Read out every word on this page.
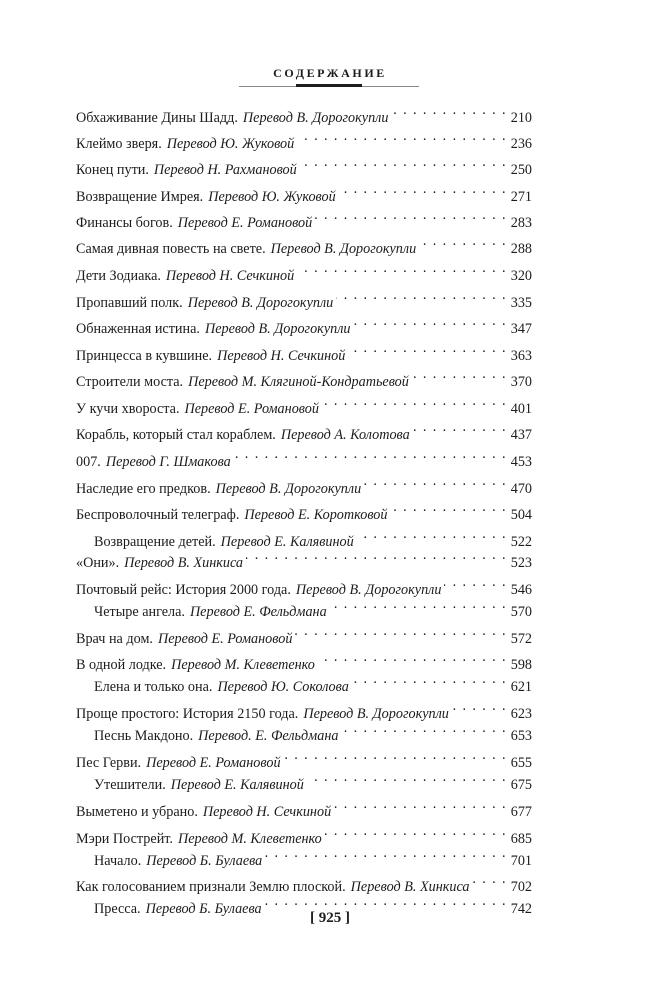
СОДЕРЖАНИЕ
Обхаживание Дины Шадд. Перевод В. Дорогокупли . . .	210
Клеймо зверя. Перевод Ю. Жуковой . . .	236
Конец пути. Перевод Н. Рахмановой . . .	250
Возвращение Имрея. Перевод Ю. Жуковой . . .	271
Финансы богов. Перевод Е. Романовой . . .	283
Самая дивная повесть на свете. Перевод В. Дорогокупли . . .	288
Дети Зодиака. Перевод Н. Сечкиной . . .	320
Пропавший полк. Перевод В. Дорогокупли . . .	335
Обнаженная истина. Перевод В. Дорогокупли . . .	347
Принцесса в кувшине. Перевод Н. Сечкиной . . .	363
Строители моста. Перевод М. Клягиной-Кондратьевой . . .	370
У кучи хвороста. Перевод Е. Романовой . . .	401
Корабль, который стал кораблем. Перевод А. Колотова . . .	437
007. Перевод Г. Шмакова . . .	453
Наследие его предков. Перевод В. Дорогокупли . . .	470
Беспроволочный телеграф. Перевод Е. Коротковой . . .	504
Возвращение детей. Перевод Е. Калявиной . . .	522
«Они». Перевод В. Хинкиса . . .	523
Почтовый рейс: История 2000 года. Перевод В. Дорогокупли . . .	546
Четыре ангела. Перевод Е. Фельдмана . . .	570
Врач на дом. Перевод Е. Романовой . . .	572
В одной лодке. Перевод М. Клеветенко . . .	598
Елена и только она. Перевод Ю. Соколова . . .	621
Проще простого: История 2150 года. Перевод В. Дорогокупли . . .	623
Песнь Макдоно. Перевод. Е. Фельдмана . . .	653
Пес Герви. Перевод Е. Романовой . . .	655
Утешители. Перевод Е. Калявиной . . .	675
Выметено и убрано. Перевод Н. Сечкиной . . .	677
Мэри Пострейт. Перевод М. Клеветенко . . .	685
Начало. Перевод Б. Булаева . . .	701
Как голосованием признали Землю плоской. Перевод В. Хинкиса . . .	702
Пресса. Перевод Б. Булаева . . .	742
[ 925 ]
